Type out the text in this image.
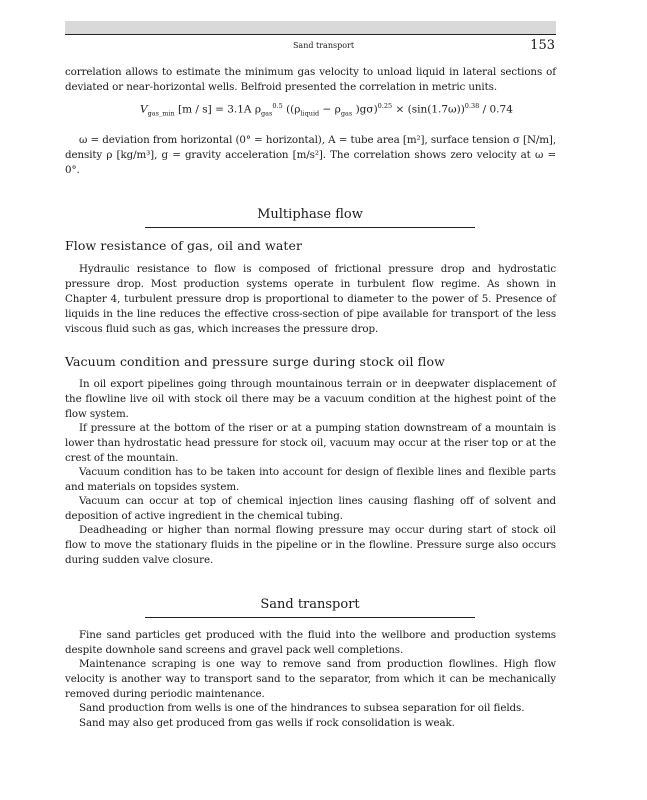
Sand transport	153

correlation allows to estimate the minimum gas velocity to unload liquid in lateral sections of deviated or near-horizontal wells. Belfroid presented the correlation in metric units.

$V_{gas\_min}$ [m / s] = 3.1A $\rho_{gas}^{0.5}$ (($\rho_{liquid} - \rho_{gas}$ )$g\sigma)^{0.25} \times (\sin(1.7\omega))^{0.38} / 0.74$

ω = deviation from horizontal (0° = horizontal), A = tube area [m²], surface tension σ [N/m], density ρ [kg/m³], g = gravity acceleration [m/s²]. The correlation shows zero velocity at ω = 0°.

Multiphase flow
Flow resistance of gas, oil and water

Hydraulic resistance to flow is composed of frictional pressure drop and hydrostatic pressure drop. Most production systems operate in turbulent flow regime. As shown in Chapter 4, turbulent pressure drop is proportional to diameter to the power of 5. Presence of liquids in the line reduces the effective cross-section of pipe available for transport of the less viscous fluid such as gas, which increases the pressure drop.

Vacuum condition and pressure surge during stock oil flow

In oil export pipelines going through mountainous terrain or in deepwater displacement of the flowline live oil with stock oil there may be a vacuum condition at the highest point of the flow system.

If pressure at the bottom of the riser or at a pumping station downstream of a mountain is lower than hydrostatic head pressure for stock oil, vacuum may occur at the riser top or at the crest of the mountain.

Vacuum condition has to be taken into account for design of flexible lines and flexible parts and materials on topsides system.

Vacuum can occur at top of chemical injection lines causing flashing off of solvent and deposition of active ingredient in the chemical tubing.

Deadheading or higher than normal flowing pressure may occur during start of stock oil flow to move the stationary fluids in the pipeline or in the flowline. Pressure surge also occurs during sudden valve closure.

Sand transport

Fine sand particles get produced with the fluid into the wellbore and production systems despite downhole sand screens and gravel pack well completions.

Maintenance scraping is one way to remove sand from production flowlines. High flow velocity is another way to transport sand to the separator, from which it can be mechanically removed during periodic maintenance.

Sand production from wells is one of the hindrances to subsea separation for oil fields.

Sand may also get produced from gas wells if rock consolidation is weak.
